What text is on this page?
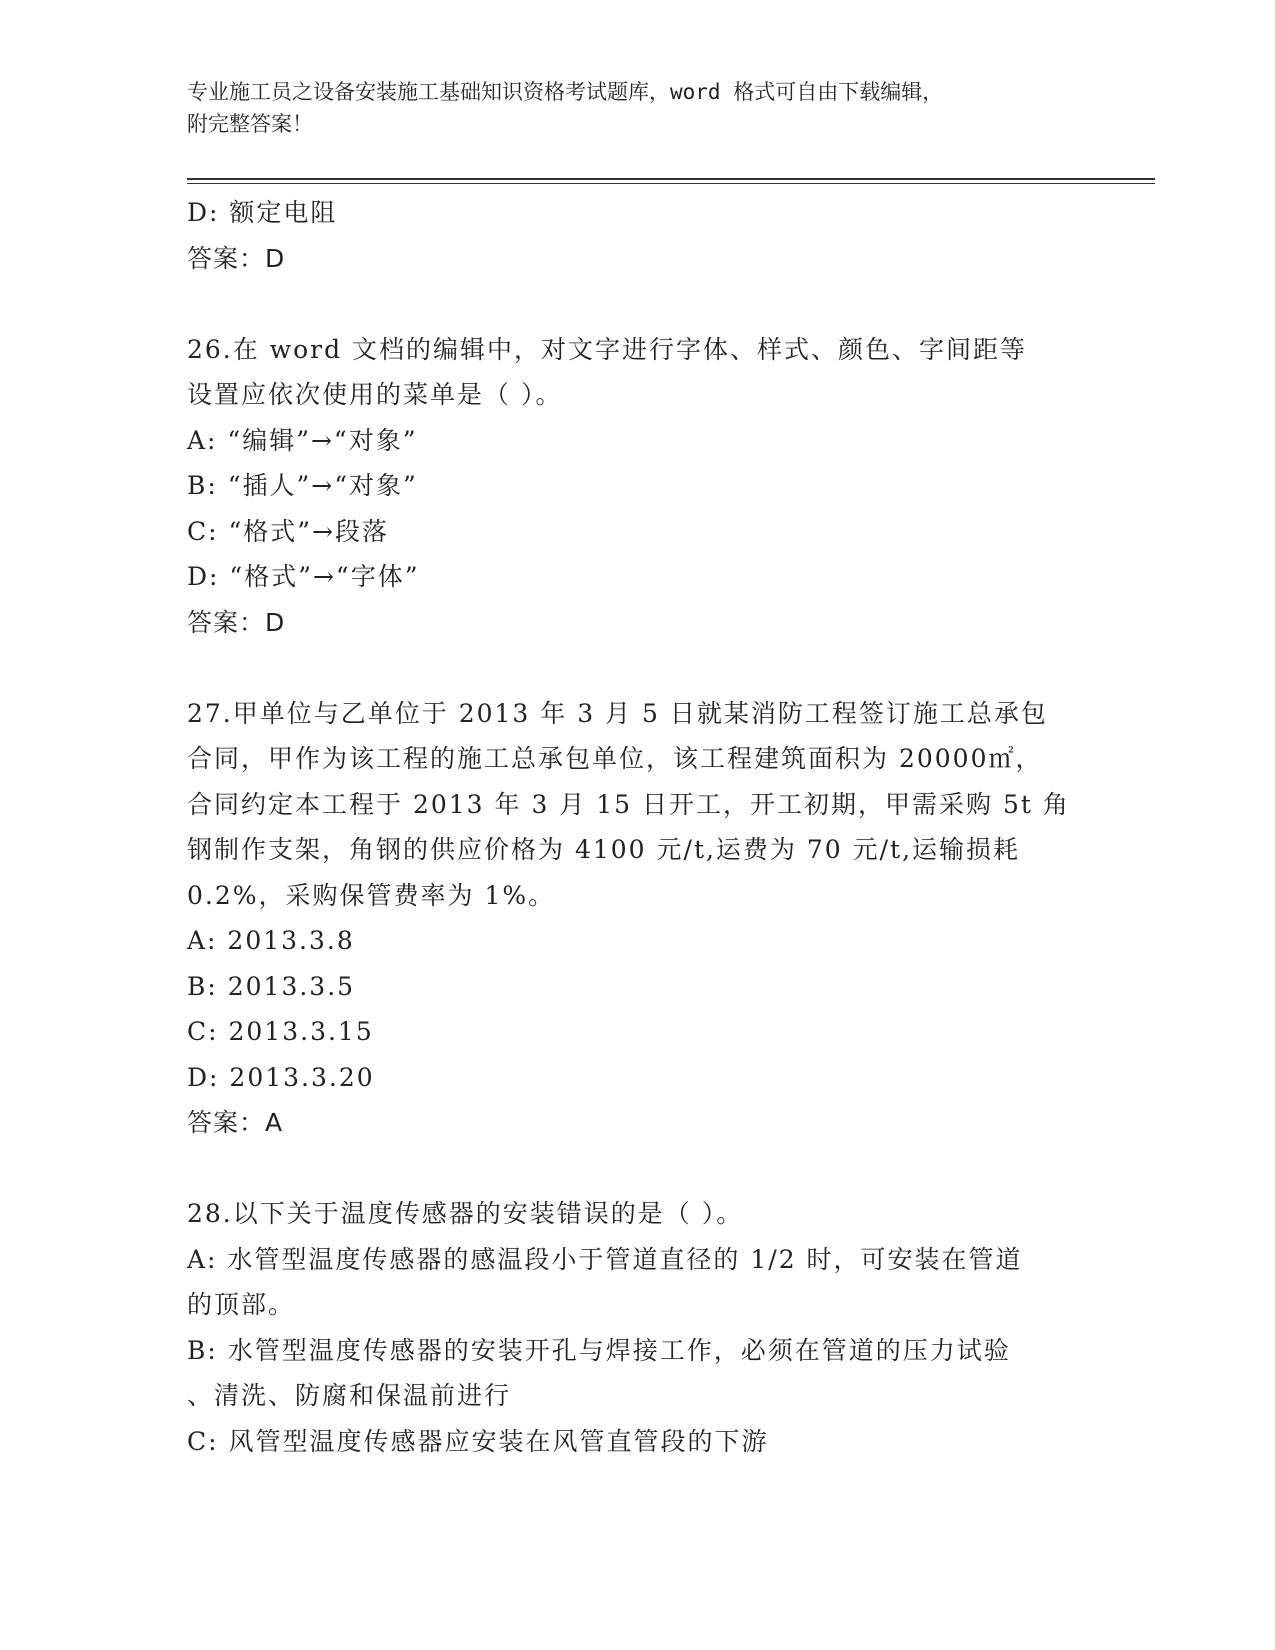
专业施工员之设备安装施工基础知识资格考试题库，word 格式可自由下载编辑，
附完整答案！
D: 额定电阻
答案：D
26.在 word 文档的编辑中，对文字进行字体、样式、颜色、字间距等
设置应依次使用的菜单是（ ）。
A: “编辑”→“对象”
B: “插人”→“对象”
C: “格式”→段落
D: “格式”→“字体”
答案：D
27.甲单位与乙单位于 2013 年 3 月 5 日就某消防工程签订施工总承包
合同，甲作为该工程的施工总承包单位，该工程建筑面积为 20000㎡，
合同约定本工程于 2013 年 3 月 15 日开工，开工初期，甲需采购 5t 角
钢制作支架，角钢的供应价格为 4100 元/t,运费为 70 元/t,运输损耗
0.2%，采购保管费率为 1%。
A: 2013.3.8
B: 2013.3.5
C: 2013.3.15
D: 2013.3.20
答案：A
28.以下关于温度传感器的安装错误的是（ ）。
A: 水管型温度传感器的感温段小于管道直径的 1/2 时，可安装在管道
的顶部。
B: 水管型温度传感器的安装开孔与焊接工作，必须在管道的压力试验
、清洗、防腐和保温前进行
C: 风管型温度传感器应安装在风管直管段的下游
